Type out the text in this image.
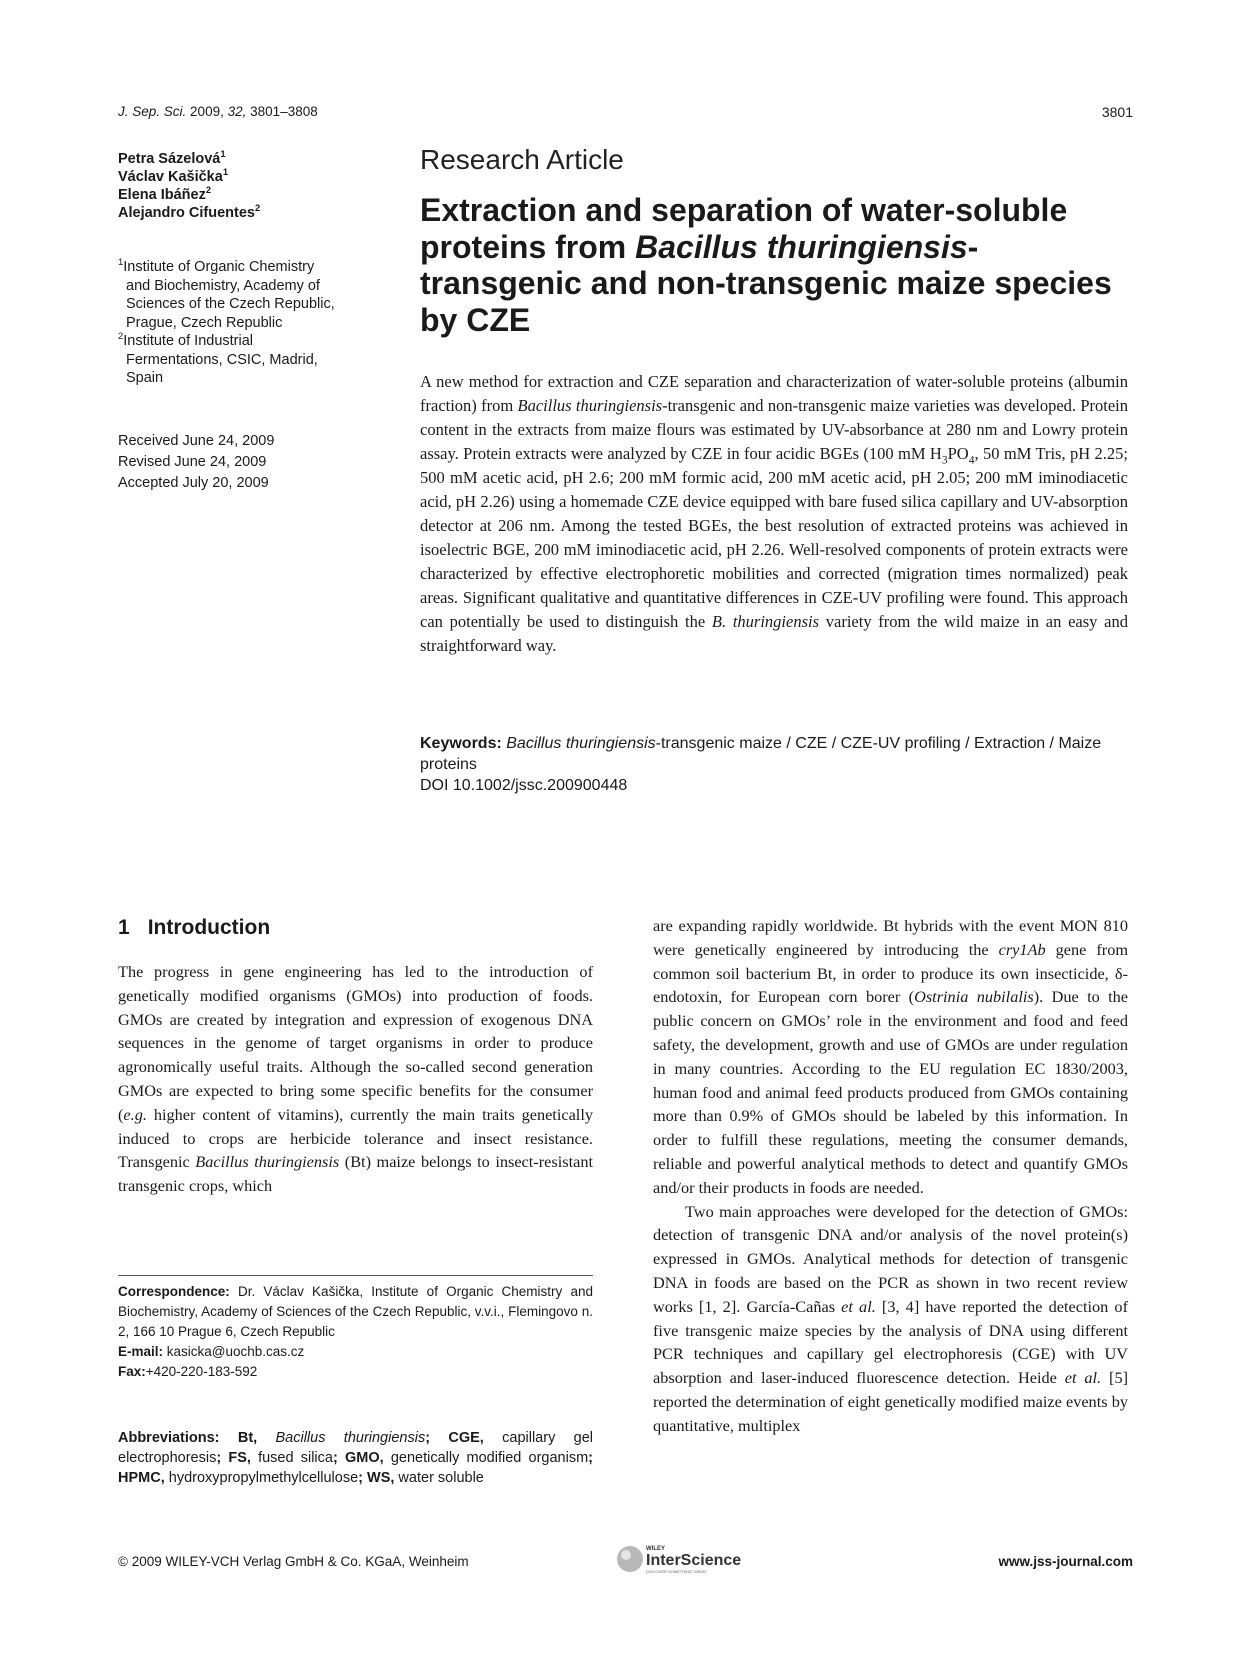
J. Sep. Sci. 2009, 32, 3801–3808	3801
Petra Sázelová$^1$
Václav Kašička$^1$
Elena Ibáñez$^2$
Alejandro Cifuentes$^2$
$^1$Institute of Organic Chemistry
and Biochemistry, Academy of
Sciences of the Czech Republic,
Prague, Czech Republic
$^2$Institute of Industrial
Fermentations, CSIC, Madrid,
Spain
Received June 24, 2009
Revised June 24, 2009
Accepted July 20, 2009
Research Article
Extraction and separation of water-soluble proteins from Bacillus thuringiensis-transgenic and non-transgenic maize species by CZE
A new method for extraction and CZE separation and characterization of water-soluble proteins (albumin fraction) from Bacillus thuringiensis-transgenic and non-transgenic maize varieties was developed. Protein content in the extracts from maize flours was estimated by UV-absorbance at 280 nm and Lowry protein assay. Protein extracts were analyzed by CZE in four acidic BGEs (100 mM $H_3PO_4$, 50 mM Tris, pH 2.25; 500 mM acetic acid, pH 2.6; 200 mM formic acid, 200 mM acetic acid, pH 2.05; 200 mM iminodiacetic acid, pH 2.26) using a homemade CZE device equipped with bare fused silica capillary and UV-absorption detector at 206 nm. Among the tested BGEs, the best resolution of extracted proteins was achieved in isoelectric BGE, 200 mM iminodiacetic acid, pH 2.26. Well-resolved components of protein extracts were characterized by effective electrophoretic mobilities and corrected (migration times normalized) peak areas. Significant qualitative and quantitative differences in CZE-UV profiling were found. This approach can potentially be used to distinguish the B. thuringiensis variety from the wild maize in an easy and straightforward way.
Keywords: Bacillus thuringiensis-transgenic maize / CZE / CZE-UV profiling / Extraction / Maize proteins
DOI 10.1002/jssc.200900448
1 Introduction
The progress in gene engineering has led to the introduction of genetically modified organisms (GMOs) into production of foods. GMOs are created by integration and expression of exogenous DNA sequences in the genome of target organisms in order to produce agronomically useful traits. Although the so-called second generation GMOs are expected to bring some specific benefits for the consumer (e.g. higher content of vitamins), currently the main traits genetically induced to crops are herbicide tolerance and insect resistance. Transgenic Bacillus thuringiensis (Bt) maize belongs to insect-resistant transgenic crops, which
are expanding rapidly worldwide. Bt hybrids with the event MON 810 were genetically engineered by introducing the cry1Ab gene from common soil bacterium Bt, in order to produce its own insecticide, δ-endotoxin, for European corn borer (Ostrinia nubilalis). Due to the public concern on GMOs’ role in the environment and food and feed safety, the development, growth and use of GMOs are under regulation in many countries. According to the EU regulation EC 1830/2003, human food and animal feed products produced from GMOs containing more than 0.9% of GMOs should be labeled by this information. In order to fulfill these regulations, meeting the consumer demands, reliable and powerful analytical methods to detect and quantify GMOs and/or their products in foods are needed.
Two main approaches were developed for the detection of GMOs: detection of transgenic DNA and/or analysis of the novel protein(s) expressed in GMOs. Analytical methods for detection of transgenic DNA in foods are based on the PCR as shown in two recent review works [1, 2]. García-Cañas et al. [3, 4] have reported the detection of five transgenic maize species by the analysis of DNA using different PCR techniques and capillary gel electrophoresis (CGE) with UV absorption and laser-induced fluorescence detection. Heide et al. [5] reported the determination of eight genetically modified maize events by quantitative, multiplex
Correspondence: Dr. Václav Kašička, Institute of Organic Chemistry and Biochemistry, Academy of Sciences of the Czech Republic, v.v.i., Flemingovo n. 2, 166 10 Prague 6, Czech Republic
E-mail: kasicka@uochb.cas.cz
Fax:+420-220-183-592
Abbreviations: Bt, Bacillus thuringiensis; CGE, capillary gel electrophoresis; FS, fused silica; GMO, genetically modified organism; HPMC, hydroxypropylmethylcellulose; WS, water soluble
© 2009 WILEY-VCH Verlag GmbH & Co. KGaA, Weinheim
WILEY
InterScience
DISCOVER SOMETHING GREAT
www.jss-journal.com
